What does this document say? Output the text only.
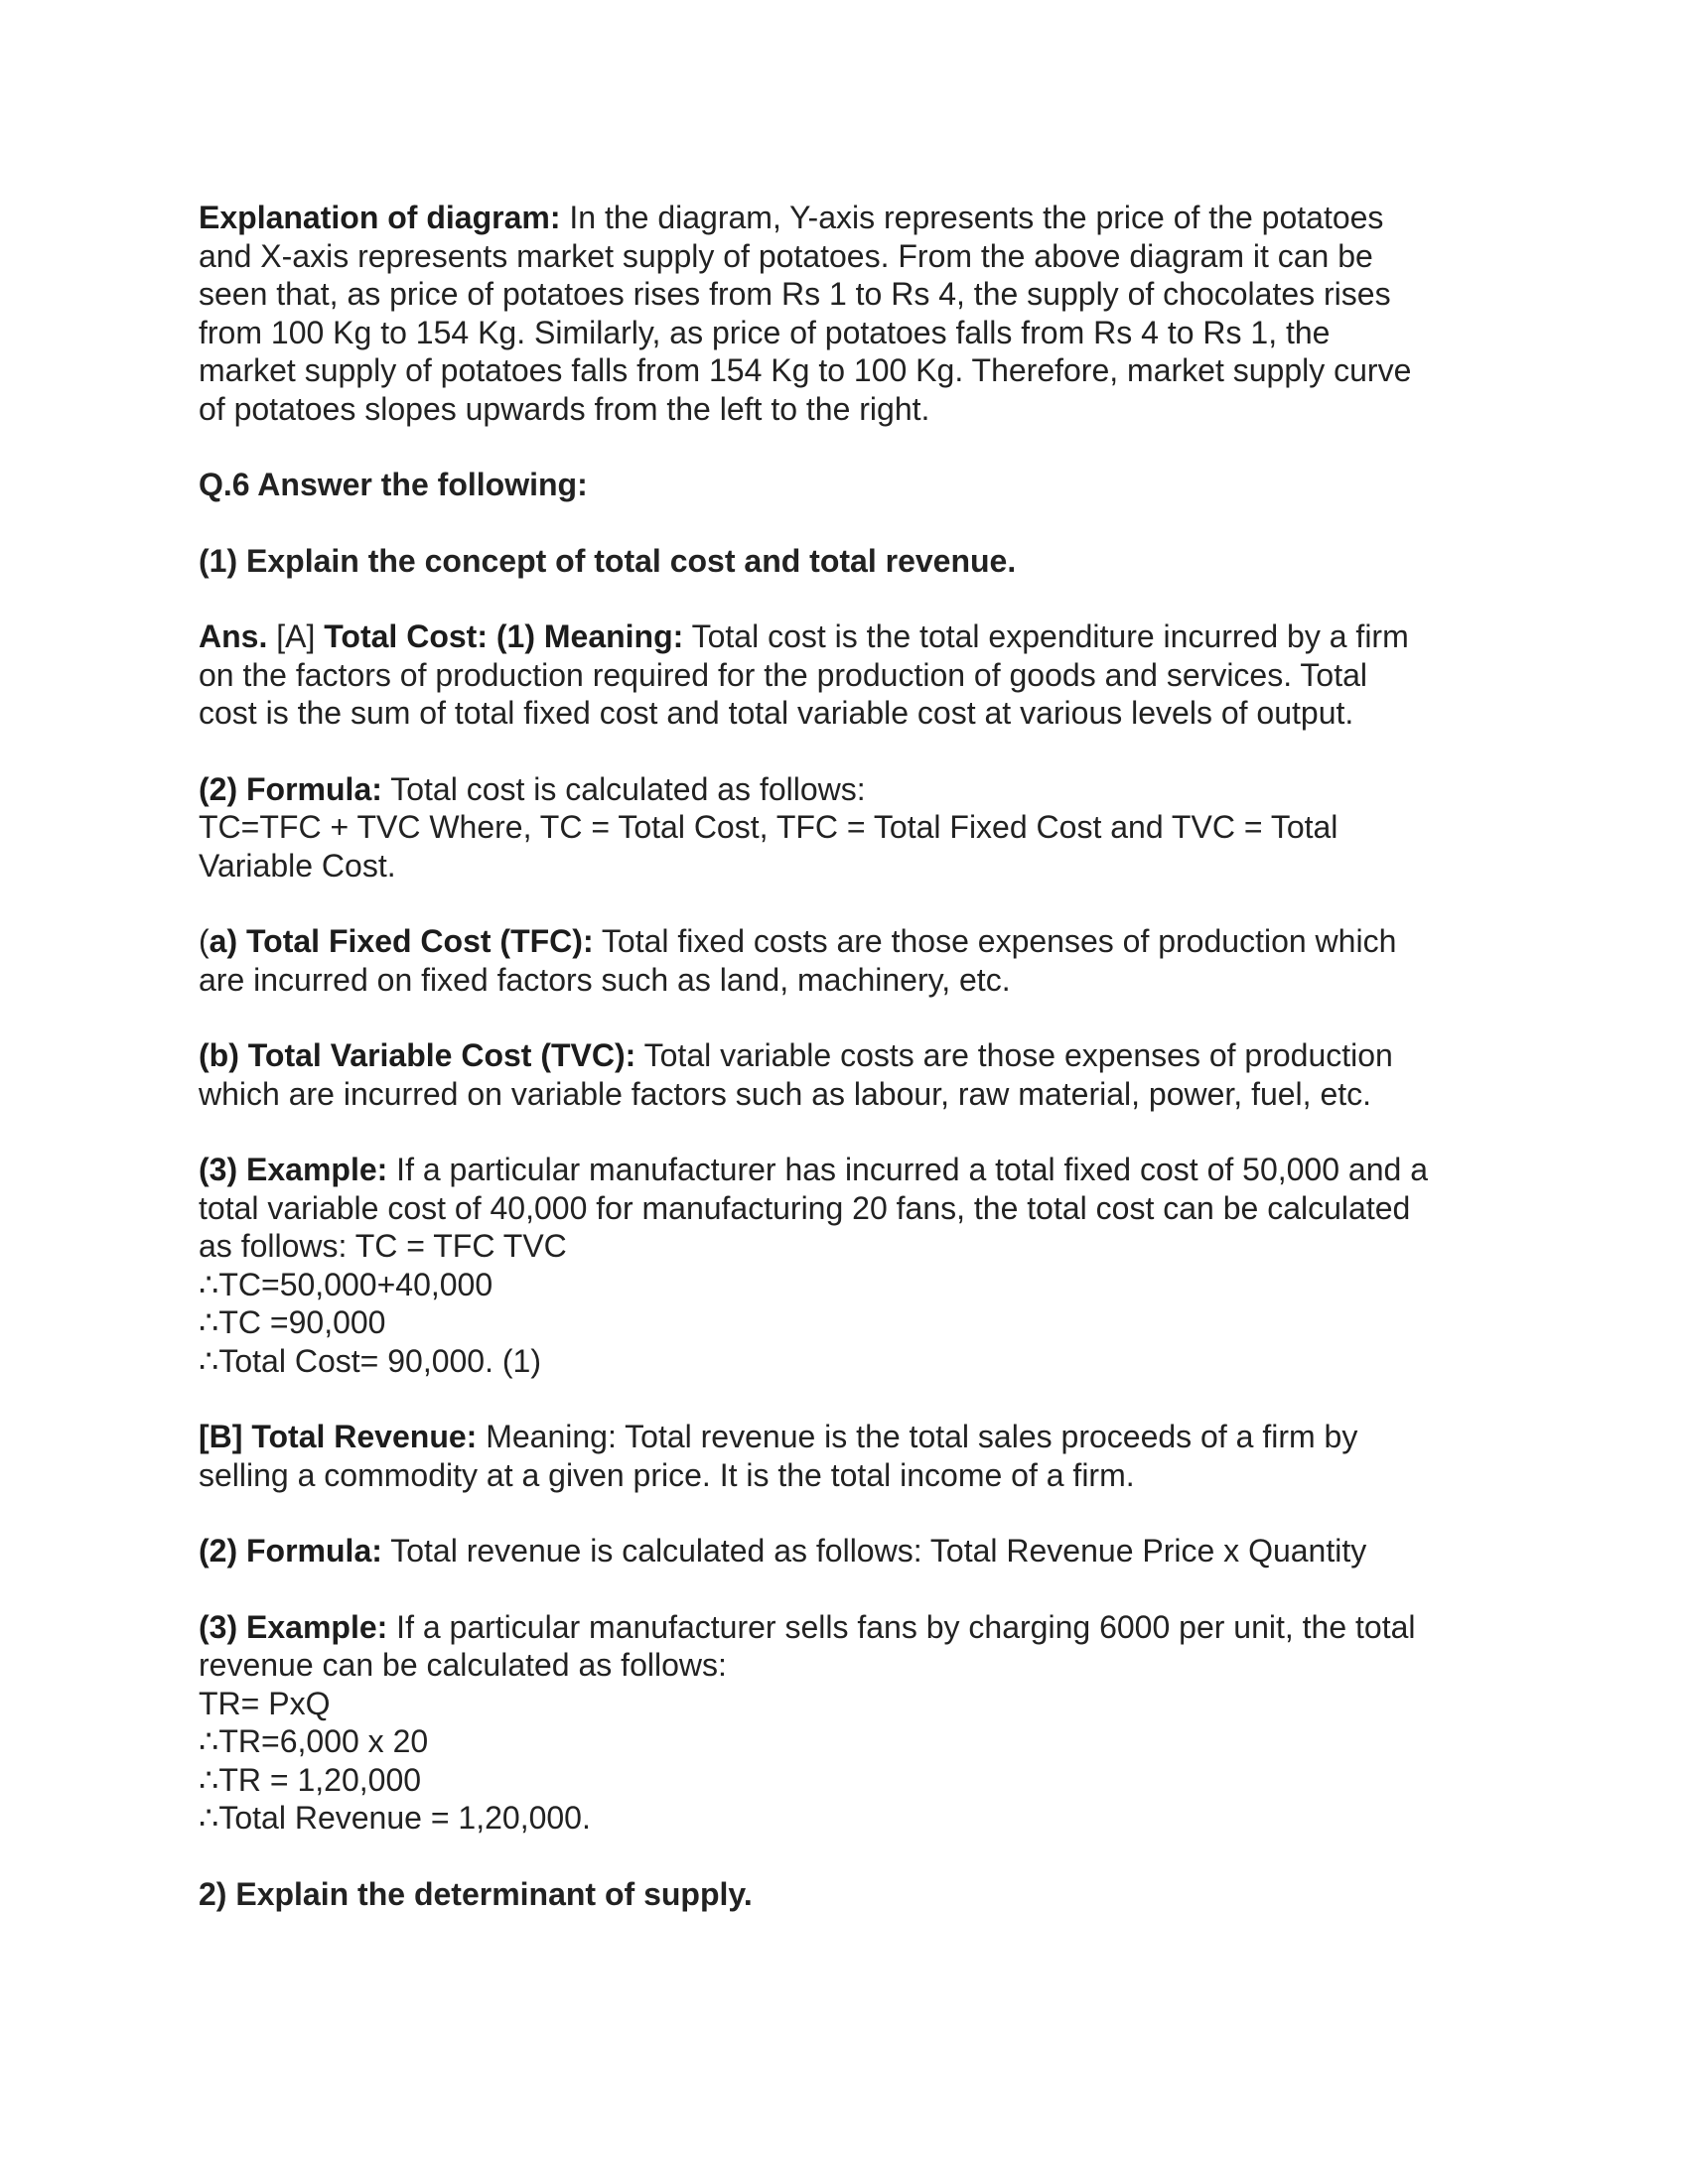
Explanation of diagram: In the diagram, Y-axis represents the price of the potatoes
and X-axis represents market supply of potatoes. From the above diagram it can be
seen that, as price of potatoes rises from Rs 1 to Rs 4, the supply of chocolates rises
from 100 Kg to 154 Kg. Similarly, as price of potatoes falls from Rs 4 to Rs 1, the
market supply of potatoes falls from 154 Kg to 100 Kg. Therefore, market supply curve
of potatoes slopes upwards from the left to the right.
Q.6 Answer the following:
(1) Explain the concept of total cost and total revenue.
Ans. [A] Total Cost: (1) Meaning: Total cost is the total expenditure incurred by a firm
on the factors of production required for the production of goods and services. Total
cost is the sum of total fixed cost and total variable cost at various levels of output.
(2) Formula: Total cost is calculated as follows:
TC=TFC + TVC Where, TC = Total Cost, TFC = Total Fixed Cost and TVC = Total
Variable Cost.
(a) Total Fixed Cost (TFC): Total fixed costs are those expenses of production which
are incurred on fixed factors such as land, machinery, etc.
(b) Total Variable Cost (TVC): Total variable costs are those expenses of production
which are incurred on variable factors such as labour, raw material, power, fuel, etc.
(3) Example: If a particular manufacturer has incurred a total fixed cost of 50,000 and a
total variable cost of 40,000 for manufacturing 20 fans, the total cost can be calculated
as follows: TC = TFC TVC
∴TC=50,000+40,000
∴TC =90,000
∴Total Cost= 90,000. (1)
[B] Total Revenue: Meaning: Total revenue is the total sales proceeds of a firm by
selling a commodity at a given price. It is the total income of a firm.
(2) Formula: Total revenue is calculated as follows: Total Revenue Price x Quantity
(3) Example: If a particular manufacturer sells fans by charging 6000 per unit, the total
revenue can be calculated as follows:
TR= PxQ
∴TR=6,000 x 20
∴TR = 1,20,000
∴Total Revenue = 1,20,000.
2) Explain the determinant of supply.
